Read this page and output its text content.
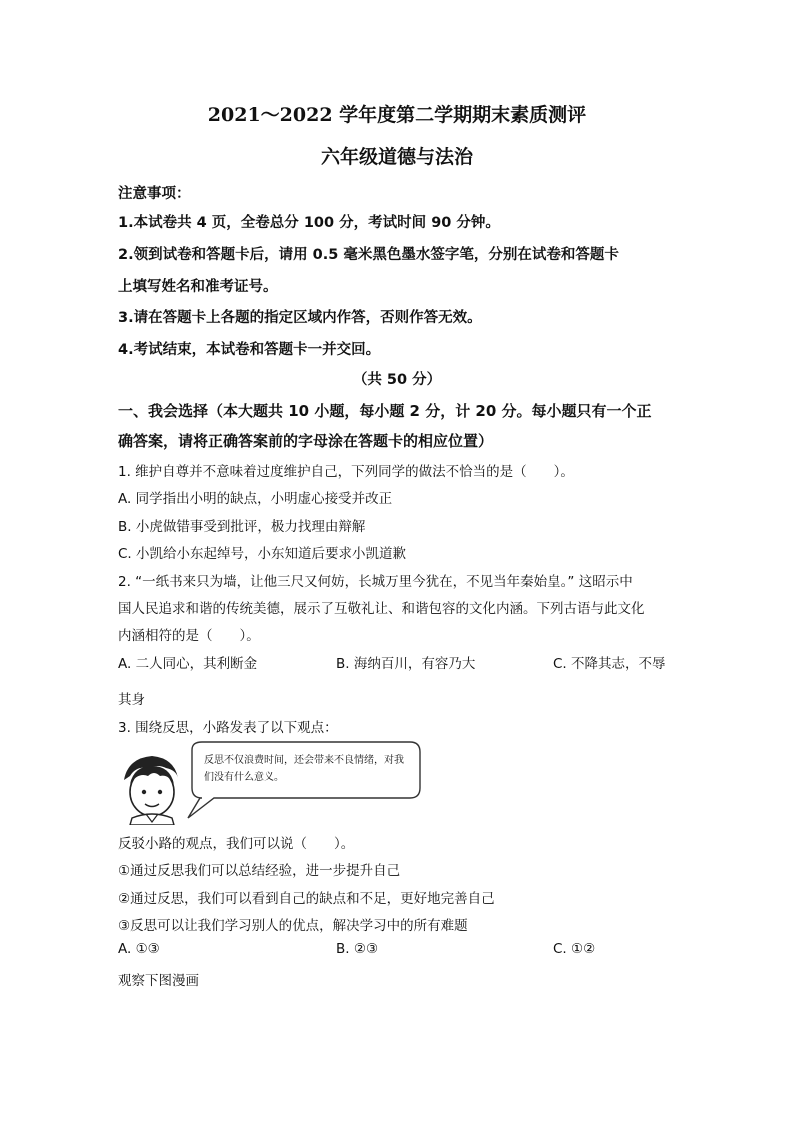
2021～2022 学年度第二学期期末素质测评
六年级道德与法治
注意事项：
1.本试卷共 4 页，全卷总分 100 分，考试时间 90 分钟。
2.领到试卷和答题卡后，请用 0.5 毫米黑色墨水签字笔，分别在试卷和答题卡
上填写姓名和准考证号。
3.请在答题卡上各题的指定区域内作答，否则作答无效。
4.考试结束，本试卷和答题卡一并交回。
（共 50 分）
一、我会选择（本大题共 10 小题，每小题 2 分，计 20 分。每小题只有一个正
确答案，请将正确答案前的字母涂在答题卡的相应位置）
1. 维护自尊并不意味着过度维护自己，下列同学的做法不恰当的是（　　）。
A. 同学指出小明的缺点，小明虚心接受并改正
B. 小虎做错事受到批评，极力找理由辩解
C. 小凯给小东起绰号，小东知道后要求小凯道歉
2. “一纸书来只为墙，让他三尺又何妨，长城万里今犹在，不见当年秦始皇。” 这昭示中
国人民追求和谐的传统美德，展示了互敬礼让、和谐包容的文化内涵。下列古语与此文化
内涵相符的是（　　）。
A. 二人同心，其利断金	B. 海纳百川，有容乃大	C. 不降其志，不辱
其身
3. 围绕反思，小路发表了以下观点：
反思不仅浪费时间，还会带来不良情绪，对我们没有什么意义。
反驳小路的观点，我们可以说（　　）。
①通过反思我们可以总结经验，进一步提升自己
②通过反思，我们可以看到自己的缺点和不足，更好地完善自己
③反思可以让我们学习别人的优点，解决学习中的所有难题
A. ①③	B. ②③	C. ①②
观察下图漫画
